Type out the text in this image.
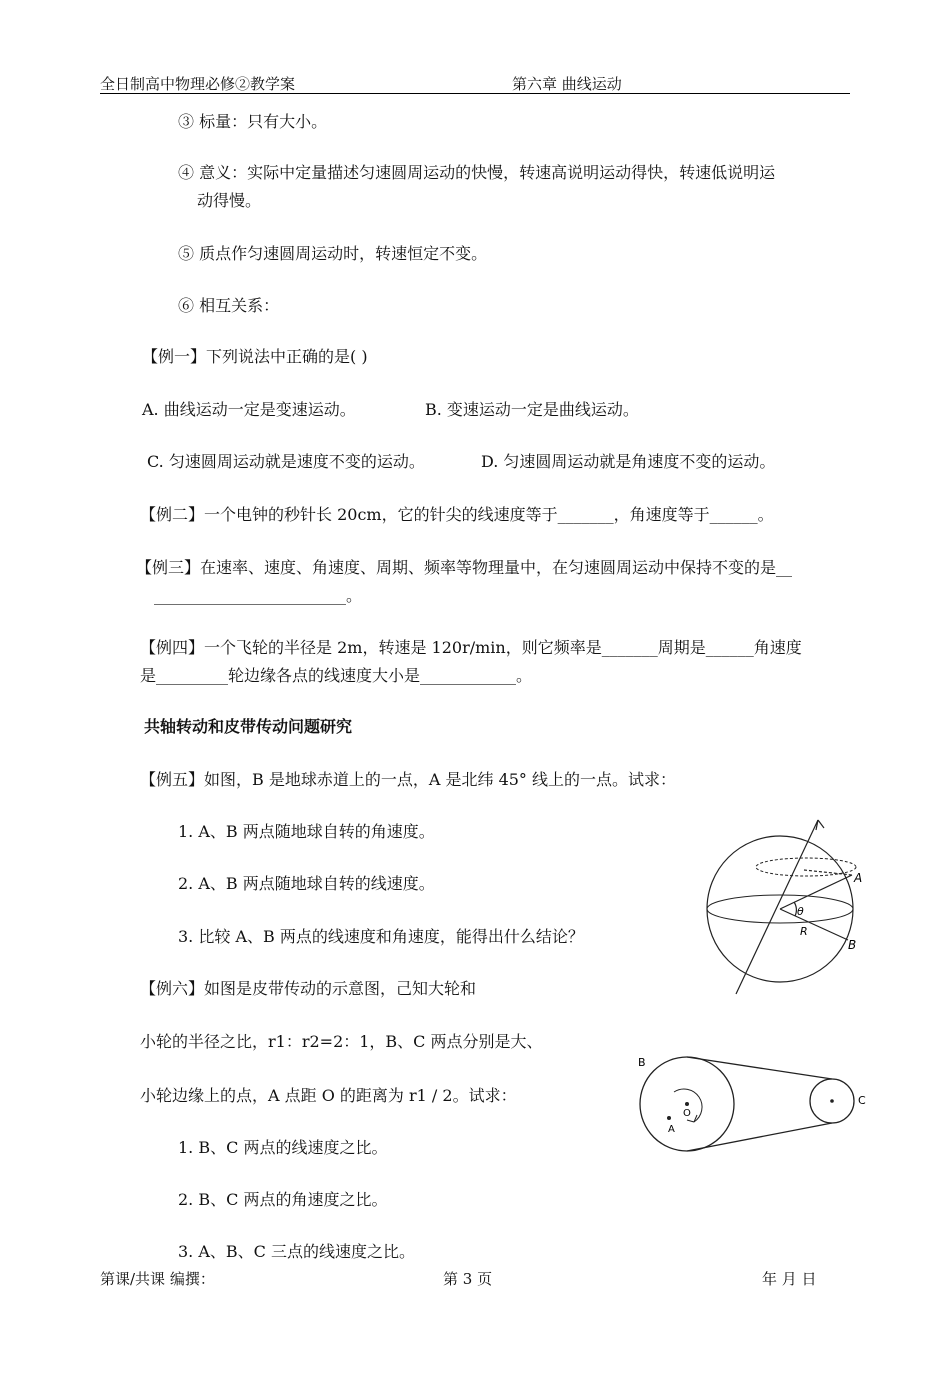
全日制高中物理必修②教学案	第六章 曲线运动
③ 标量：只有大小。
④ 意义：实际中定量描述匀速圆周运动的快慢，转速高说明运动得快，转速低说明运
动得慢。
⑤ 质点作匀速圆周运动时，转速恒定不变。
⑥ 相互关系：
【例一】下列说法中正确的是( )
A. 曲线运动一定是变速运动。	B. 变速运动一定是曲线运动。
C. 匀速圆周运动就是速度不变的运动。	D. 匀速圆周运动就是角速度不变的运动。
【例二】一个电钟的秒针长 20cm，它的针尖的线速度等于_______，角速度等于______。
【例三】在速率、速度、角速度、周期、频率等物理量中，在匀速圆周运动中保持不变的是__
________________________。
【例四】一个飞轮的半径是 2m，转速是 120r/min，则它频率是_______周期是______角速度
是_________轮边缘各点的线速度大小是____________。
共轴转动和皮带传动问题研究
【例五】如图，B 是地球赤道上的一点，A 是北纬 45° 线上的一点。试求：
1. A、B 两点随地球自转的角速度。
2. A、B 两点随地球自转的线速度。
3. 比较 A、B 两点的线速度和角速度，能得出什么结论？
A
B
R
θ
【例六】如图是皮带传动的示意图，己知大轮和
小轮的半径之比，r1：r2=2：1，B、C 两点分别是大、
小轮边缘上的点，A 点距 O 的距离为 r1 / 2。试求：
1. B、C 两点的线速度之比。
2. B、C 两点的角速度之比。
3. A、B、C 三点的线速度之比。
B
C
O
A
第课/共课 编撰：	第 3 页	年 月 日
